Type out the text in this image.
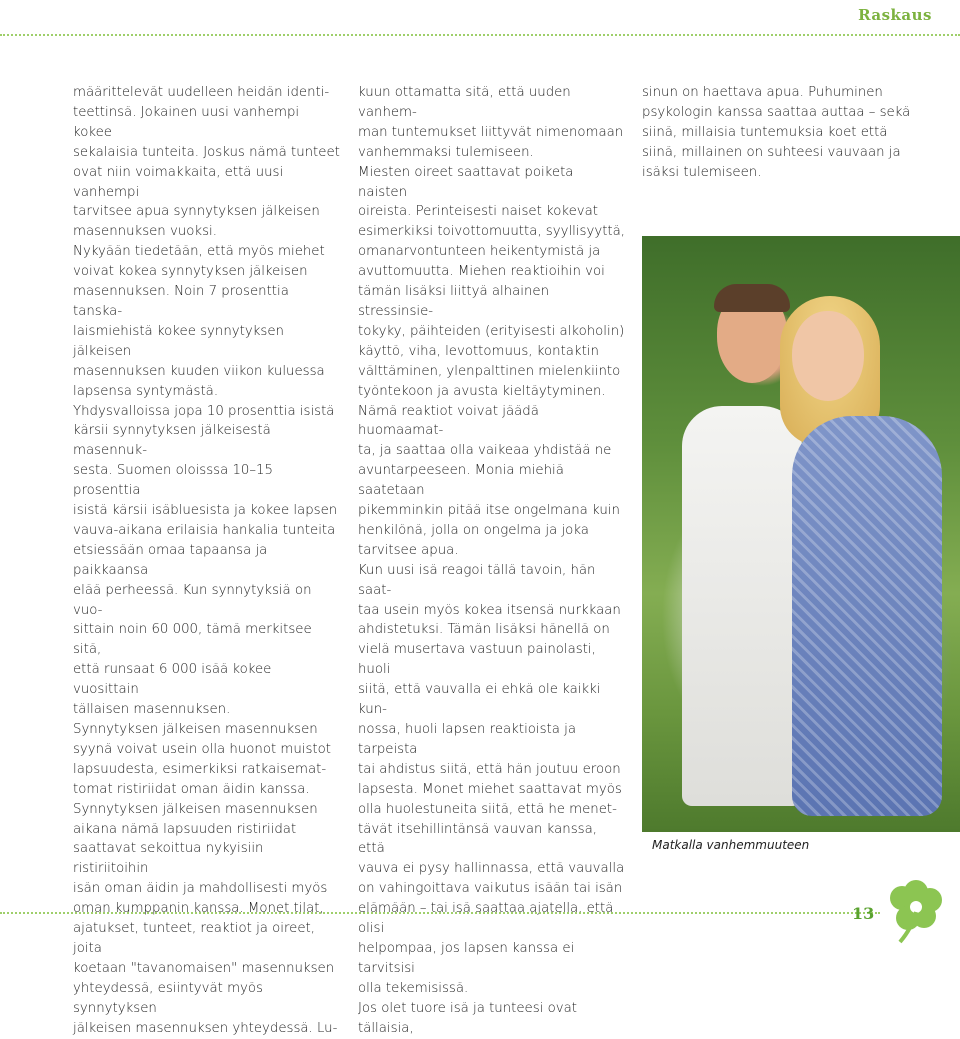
Raskaus

määrittelevät uudelleen heidän identi-

teettinsä. Jokainen uusi vanhempi kokee

sekalaisia tunteita. Joskus nämä tunteet

ovat niin voimakkaita, että uusi vanhempi

tarvitsee apua synnytyksen jälkeisen

masennuksen vuoksi.

Nykyään tiedetään, että myös miehet

voivat kokea synnytyksen jälkeisen

masennuksen. Noin 7 prosenttia tanska-

laismiehistä kokee synnytyksen jälkeisen

masennuksen kuuden viikon kuluessa

lapsensa syntymästä.

Yhdysvalloissa jopa 10 prosenttia isistä

kärsii synnytyksen jälkeisestä masennuk-

sesta. Suomen oloisssa 10–15 prosenttia

isistä kärsii isäbluesista ja kokee lapsen

vauva-aikana erilaisia hankalia tunteita

etsiessään omaa tapaansa ja paikkaansa

elää perheessä. Kun synnytyksiä on vuo-

sittain noin 60 000, tämä merkitsee sitä,

että runsaat 6 000 isää kokee vuosittain

tällaisen masennuksen.

Synnytyksen jälkeisen masennuksen

syynä voivat usein olla huonot muistot

lapsuudesta, esimerkiksi ratkaisemat-

tomat ristiriidat oman äidin kanssa.

Synnytyksen jälkeisen masennuksen

aikana nämä lapsuuden ristiriidat

saattavat sekoittua nykyisiin ristiriitoihin

isän oman äidin ja mahdollisesti myös

oman kumppanin kanssa. Monet tilat,

ajatukset, tunteet, reaktiot ja oireet, joita

koetaan "tavanomaisen" masennuksen

yhteydessä, esiintyvät myös synnytyksen

jälkeisen masennuksen yhteydessä. Lu-

kuun ottamatta sitä, että uuden vanhem-

man tuntemukset liittyvät nimenomaan

vanhemmaksi tulemiseen.

Miesten oireet saattavat poiketa naisten

oireista. Perinteisesti naiset kokevat

esimerkiksi toivottomuutta, syyllisyyttä,

omanarvontunteen heikentymistä ja

avuttomuutta. Miehen reaktioihin voi

tämän lisäksi liittyä alhainen stressinsie-

tokyky, päihteiden (erityisesti alkoholin)

käyttö, viha, levottomuus, kontaktin

välttäminen, ylenpalttinen mielenkiinto

työntekoon ja avusta kieltäytyminen.

Nämä reaktiot voivat jäädä huomaamat-

ta, ja saattaa olla vaikeaa yhdistää ne

avuntarpeeseen. Monia miehiä saatetaan

pikemminkin pitää itse ongelmana kuin

henkilönä, jolla on ongelma ja joka

tarvitsee apua.

Kun uusi isä reagoi tällä tavoin, hän saat-

taa usein myös kokea itsensä nurkkaan

ahdistetuksi. Tämän lisäksi hänellä on

vielä musertava vastuun painolasti, huoli

siitä, että vauvalla ei ehkä ole kaikki kun-

nossa, huoli lapsen reaktioista ja tarpeista

tai ahdistus siitä, että hän joutuu eroon

lapsesta. Monet miehet saattavat myös

olla huolestuneita siitä, että he menet-

tävät itsehillintänsä vauvan kanssa, että

vauva ei pysy hallinnassa, että vauvalla

on vahingoittava vaikutus isään tai isän

elämään – tai isä saattaa ajatella, että olisi

helpompaa, jos lapsen kanssa ei tarvitsisi

olla tekemisissä.

Jos olet tuore isä ja tunteesi ovat tällaisia,

sinun on haettava apua. Puhuminen

psykologin kanssa saattaa auttaa – sekä

siinä, millaisia tuntemuksia koet että

siinä, millainen on suhteesi vauvaan ja

isäksi tulemiseen.

Matkalla vanhemmuuteen
13
